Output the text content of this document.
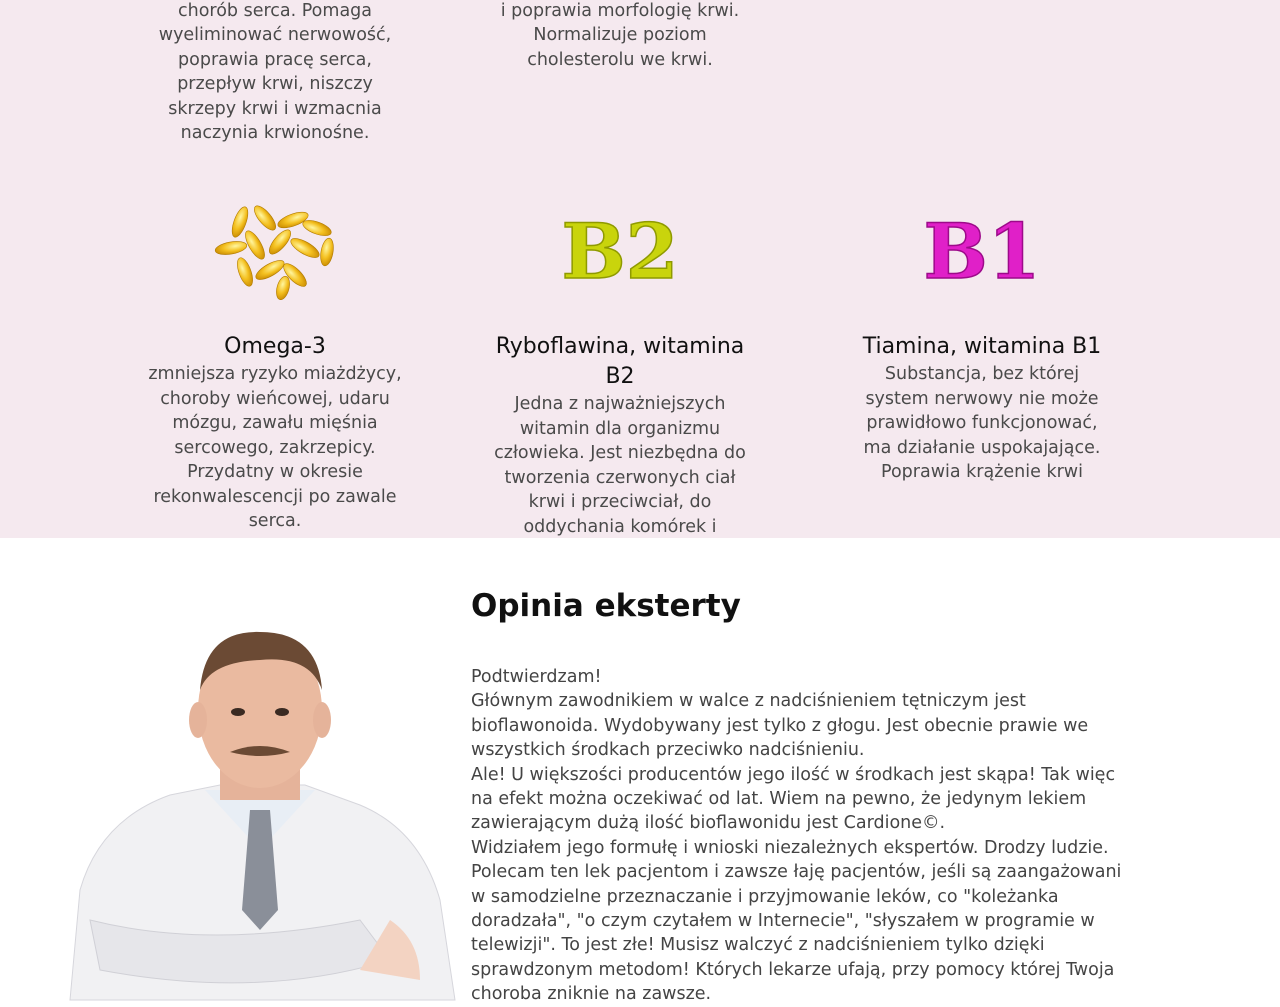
chorób serca. Pomaga wyeliminować nerwowość, poprawia pracę serca, przepływ krwi, niszczy skrzepy krwi i wzmacnia naczynia krwionośne.

i poprawia morfologię krwi. Normalizuje poziom cholesterolu we krwi.

B2	B1
Omega-3

zmniejsza ryzyko miażdżycy, choroby wieńcowej, udaru mózgu, zawału mięśnia sercowego, zakrzepicy. Przydatny w okresie rekonwalescencji po zawale serca.

Ryboflawina, witamina B2

Jedna z najważniejszych witamin dla organizmu człowieka. Jest niezbędna do tworzenia czerwonych ciał krwi i przeciwciał, do oddychania komórek i

Tiamina, witamina B1

Substancja, bez której system nerwowy nie może prawidłowo funkcjonować, ma działanie uspokajające. Poprawia krążenie krwi

Opinia eksterty
Podtwierdzam!
Głównym zawodnikiem w walce z nadciśnieniem tętniczym jest bioflawonoida. Wydobywany jest tylko z głogu. Jest obecnie prawie we wszystkich środkach przeciwko nadciśnieniu.
Ale! U większości producentów jego ilość w środkach jest skąpa! Tak więc na efekt można oczekiwać od lat. Wiem na pewno, że jedynym lekiem zawierającym dużą ilość bioflawonidu jest Cardione©.
Widziałem jego formułę i wnioski niezależnych ekspertów. Drodzy ludzie. Polecam ten lek pacjentom i zawsze łaję pacjentów, jeśli są zaangażowani w samodzielne przeznaczanie i przyjmowanie leków, co "koleżanka doradzała", "o czym czytałem w Internecie", "słyszałem w programie w telewizji". To jest złe! Musisz walczyć z nadciśnieniem tylko dzięki sprawdzonym metodom! Których lekarze ufają, przy pomocy której Twoja choroba zniknie na zawsze.
